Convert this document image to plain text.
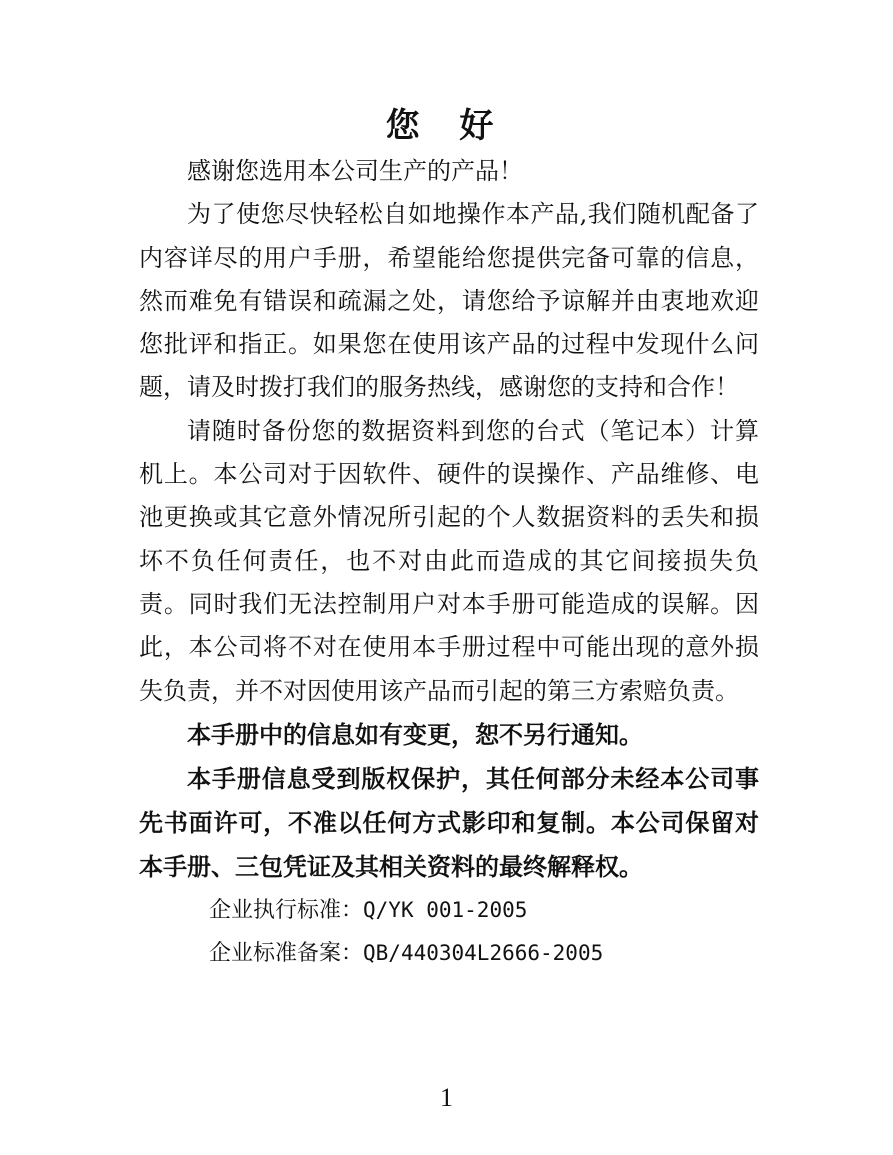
您 好

感谢您选用本公司生产的产品！

为了使您尽快轻松自如地操作本产品,我们随机配备了内容详尽的用户手册，希望能给您提供完备可靠的信息，然而难免有错误和疏漏之处，请您给予谅解并由衷地欢迎您批评和指正。如果您在使用该产品的过程中发现什么问题，请及时拨打我们的服务热线，感谢您的支持和合作！

请随时备份您的数据资料到您的台式（笔记本）计算机上。本公司对于因软件、硬件的误操作、产品维修、电池更换或其它意外情况所引起的个人数据资料的丢失和损坏不负任何责任，也不对由此而造成的其它间接损失负责。同时我们无法控制用户对本手册可能造成的误解。因此，本公司将不对在使用本手册过程中可能出现的意外损失负责，并不对因使用该产品而引起的第三方索赔负责。

本手册中的信息如有变更，恕不另行通知。

本手册信息受到版权保护，其任何部分未经本公司事先书面许可，不准以任何方式影印和复制。本公司保留对本手册、三包凭证及其相关资料的最终解释权。

企业执行标准：Q/YK 001-2005

企业标准备案：QB/440304L2666-2005

1
